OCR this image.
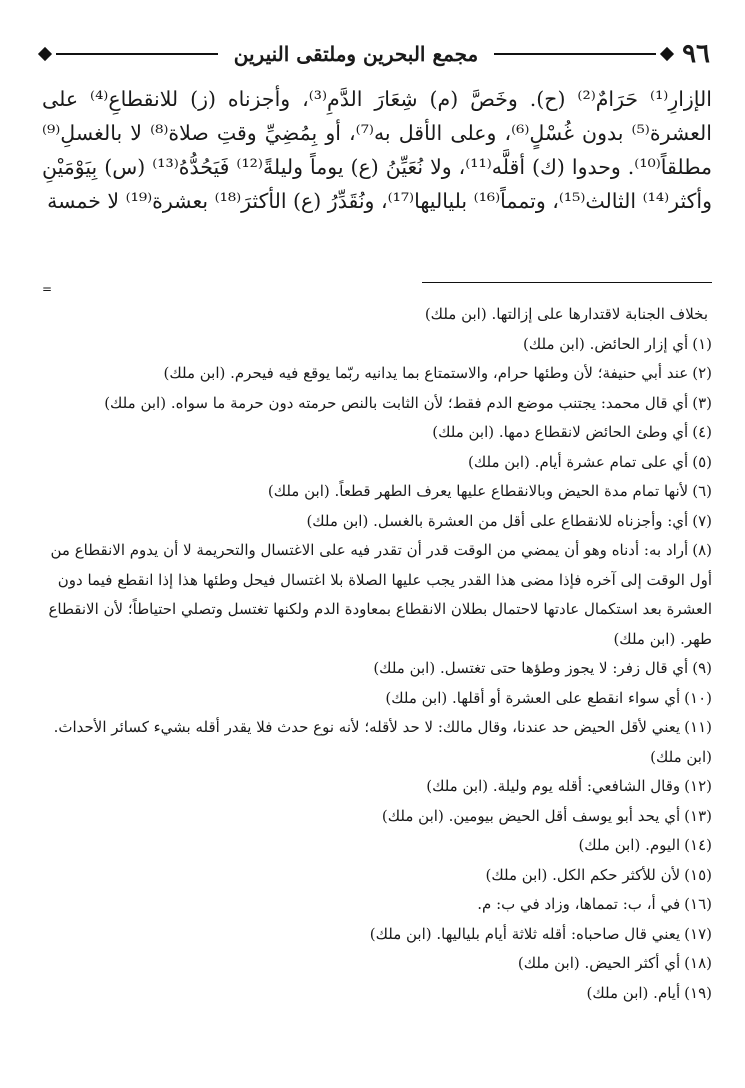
٩٦
مجمع البحرين وملتقى النيرين
الإزارِ⁽¹⁾ حَرَامٌ⁽²⁾ (ح). وخَصَّ (م) شِعَارَ الدَّمِ⁽³⁾، وأجزناه (ز) للانقطاعِ⁽⁴⁾ على العشرة⁽⁵⁾ بدون غُسْلٍ⁽⁶⁾، وعلى الأقل به⁽⁷⁾، أو بِمُضِيِّ وقتِ صلاة⁽⁸⁾ لا بالغسلِ⁽⁹⁾ مطلقاً⁽¹⁰⁾. وحدوا (ك) أقلَّه⁽¹¹⁾، ولا نُعَيِّنُ (ع) يوماً وليلةً⁽¹²⁾ فَيَحُدُّهُ⁽¹³⁾ (س) بِيَوْمَيْنِ وأكثر⁽¹⁴⁾ الثالث⁽¹⁵⁾، وتمماً⁽¹⁶⁾ بلياليها⁽¹⁷⁾، ونُقَدِّرُ (ع) الأكثرَ⁽¹⁸⁾ بعشرة⁽¹⁹⁾ لا خمسة
=

بخلاف الجنابة لاقتدارها على إزالتها. (ابن ملك)

(١)أي إزار الحائض. (ابن ملك)

(٢)عند أبي حنيفة؛ لأن وطئها حرام، والاستمتاع بما يدانيه ربّما يوقع فيه فيحرم. (ابن ملك)

(٣)أي قال محمد: يجتنب موضع الدم فقط؛ لأن الثابت بالنص حرمته دون حرمة ما سواه. (ابن ملك)

(٤)أي وطئ الحائض لانقطاع دمها. (ابن ملك)

(٥)أي على تمام عشرة أيام. (ابن ملك)

(٦)لأنها تمام مدة الحيض وبالانقطاع عليها يعرف الطهر قطعاً. (ابن ملك)

(٧)أي: وأجزناه للانقطاع على أقل من العشرة بالغسل. (ابن ملك)

(٨)أراد به: أدناه وهو أن يمضي من الوقت قدر أن تقدر فيه على الاغتسال والتحريمة لا أن يدوم الانقطاع من أول الوقت إلى آخره فإذا مضى هذا القدر يجب عليها الصلاة بلا اغتسال فيحل وطئها هذا إذا انقطع فيما دون العشرة بعد استكمال عادتها لاحتمال بطلان الانقطاع بمعاودة الدم ولكنها تغتسل وتصلي احتياطاً؛ لأن الانقطاع طهر. (ابن ملك)

(٩)أي قال زفر: لا يجوز وطؤها حتى تغتسل. (ابن ملك)

(١٠)أي سواء انقطع على العشرة أو أقلها. (ابن ملك)

(١١)يعني لأقل الحيض حد عندنا، وقال مالك: لا حد لأقله؛ لأنه نوع حدث فلا يقدر أقله بشيء كسائر الأحداث. (ابن ملك)

(١٢)وقال الشافعي: أقله يوم وليلة. (ابن ملك)

(١٣)أي يحد أبو يوسف أقل الحيض بيومين. (ابن ملك)

(١٤)اليوم. (ابن ملك)

(١٥)لأن للأكثر حكم الكل. (ابن ملك)

(١٦)في أ، ب: تمماها، وزاد في ب: م.

(١٧)يعني قال صاحباه: أقله ثلاثة أيام بلياليها. (ابن ملك)

(١٨)أي أكثر الحيض. (ابن ملك)

(١٩)أيام. (ابن ملك)
